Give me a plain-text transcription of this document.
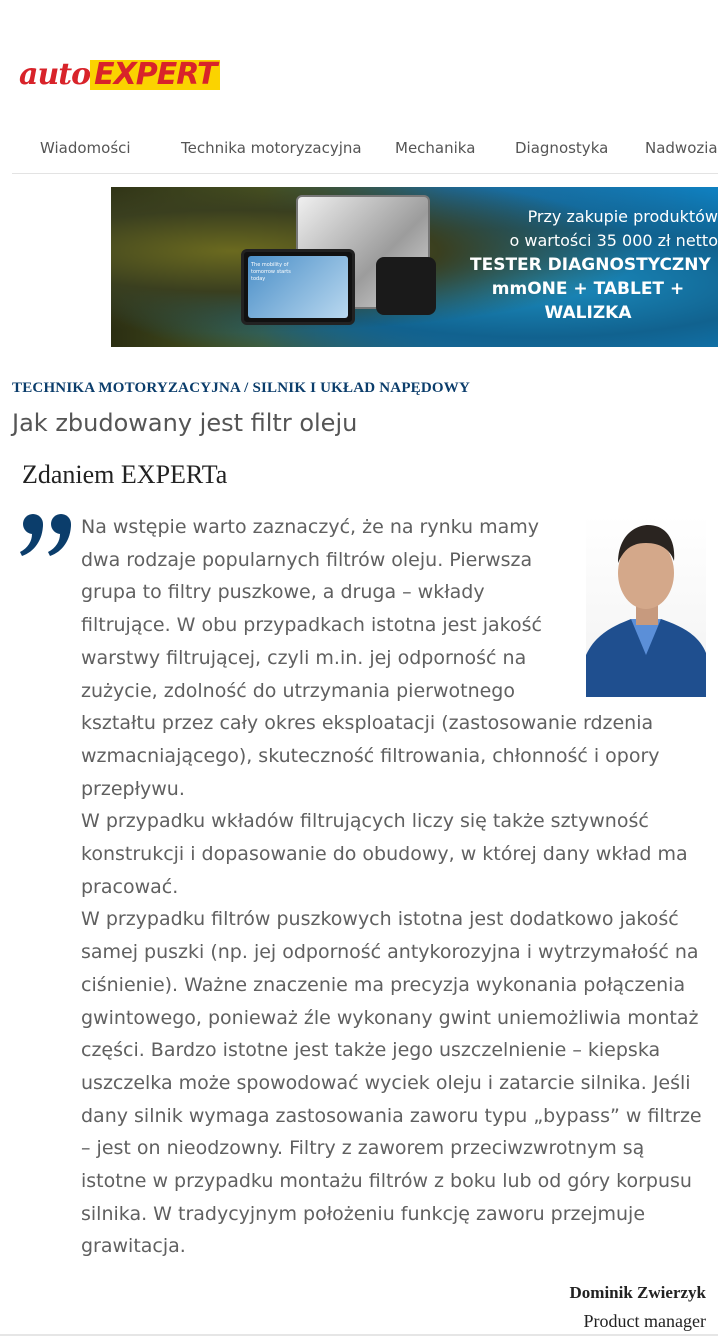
auto EXPERT
Wiadomości	Technika motoryzacyjna Mechanika	Diagnostyka Nadwozia
The mobility of tomorrow starts today
Przy zakupie produktów
o wartości 35 000 zł netto
TESTER DIAGNOSTYCZNY
mmONE + TABLET +
WALIZKA
TECHNIKA MOTORYZACYJNA / SILNIK I UKŁAD NAPĘDOWY
Jak zbudowany jest filtr oleju
Zdaniem EXPERTa

Na wstępie warto zaznaczyć, że na rynku mamy dwa rodzaje popularnych filtrów oleju. Pierwsza grupa to filtry puszkowe, a druga – wkłady filtrujące. W obu przypadkach istotna jest jakość warstwy filtrującej, czyli m.in. jej odporność na zużycie, zdolność do utrzymania pierwotnego kształtu przez cały okres eksploatacji (zastosowanie rdzenia wzmacniającego), skuteczność filtrowania, chłonność i opory przepływu.

W przypadku wkładów filtrujących liczy się także sztywność konstrukcji i dopasowanie do obudowy, w której dany wkład ma pracować.

W przypadku filtrów puszkowych istotna jest dodatkowo jakość samej puszki (np. jej odporność antykorozyjna i wytrzymałość na ciśnienie). Ważne znaczenie ma precyzja wykonania połączenia gwintowego, ponieważ źle wykonany gwint uniemożliwia montaż części. Bardzo istotne jest także jego uszczelnienie – kiepska uszczelka może spowodować wyciek oleju i zatarcie silnika. Jeśli dany silnik wymaga zastosowania zaworu typu „bypass” w filtrze – jest on nieodzowny. Filtry z zaworem przeciwzwrotnym są istotne w przypadku montażu filtrów z boku lub od góry korpusu silnika. W tradycyjnym położeniu funkcję zaworu przejmuje grawitacja.

Dominik Zwierzyk
Product manager
